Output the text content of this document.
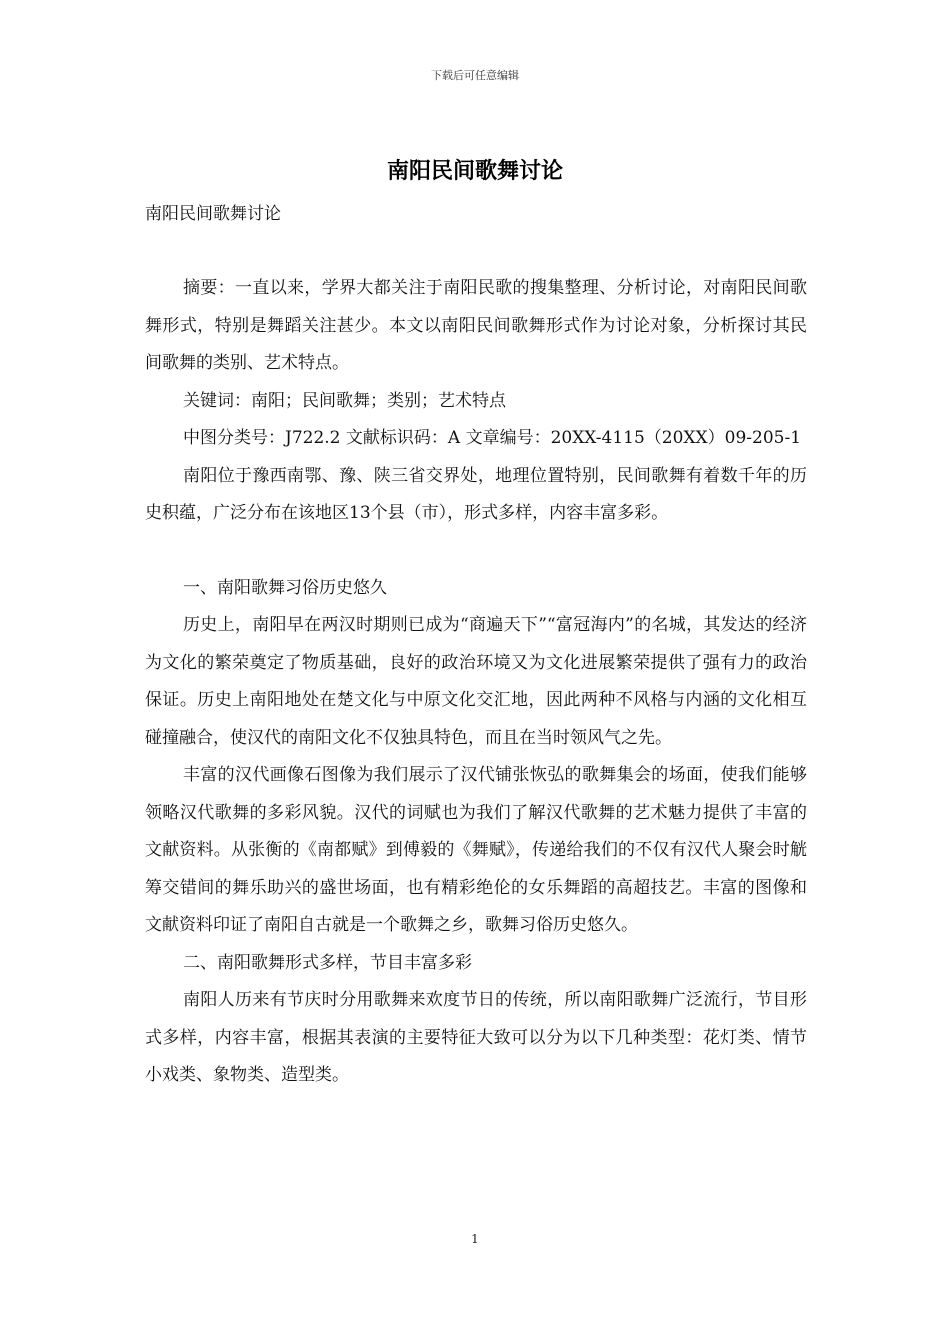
下载后可任意编辑
南阳民间歌舞讨论
南阳民间歌舞讨论

摘要：一直以来，学界大都关注于南阳民歌的搜集整理、分析讨论，对南阳民间歌舞形式，特别是舞蹈关注甚少。本文以南阳民间歌舞形式作为讨论对象，分析探讨其民间歌舞的类别、艺术特点。

关键词：南阳；民间歌舞；类别；艺术特点

中图分类号：J722.2 文献标识码：A 文章编号：20XX-4115（20XX）09-205-1

南阳位于豫西南鄂、豫、陕三省交界处，地理位置特别，民间歌舞有着数千年的历史积蕴，广泛分布在该地区13个县（市），形式多样，内容丰富多彩。

一、南阳歌舞习俗历史悠久

历史上，南阳早在两汉时期则已成为“商遍天下”“富冠海内”的名城，其发达的经济为文化的繁荣奠定了物质基础，良好的政治环境又为文化进展繁荣提供了强有力的政治保证。历史上南阳地处在楚文化与中原文化交汇地，因此两种不风格与内涵的文化相互碰撞融合，使汉代的南阳文化不仅独具特色，而且在当时领风气之先。

丰富的汉代画像石图像为我们展示了汉代铺张恢弘的歌舞集会的场面，使我们能够领略汉代歌舞的多彩风貌。汉代的词赋也为我们了解汉代歌舞的艺术魅力提供了丰富的文献资料。从张衡的《南都赋》到傅毅的《舞赋》，传递给我们的不仅有汉代人聚会时觥筹交错间的舞乐助兴的盛世场面，也有精彩绝伦的女乐舞蹈的高超技艺。丰富的图像和文献资料印证了南阳自古就是一个歌舞之乡，歌舞习俗历史悠久。

二、南阳歌舞形式多样，节目丰富多彩

南阳人历来有节庆时分用歌舞来欢度节日的传统，所以南阳歌舞广泛流行，节目形式多样，内容丰富，根据其表演的主要特征大致可以分为以下几种类型：花灯类、情节小戏类、象物类、造型类。

1
